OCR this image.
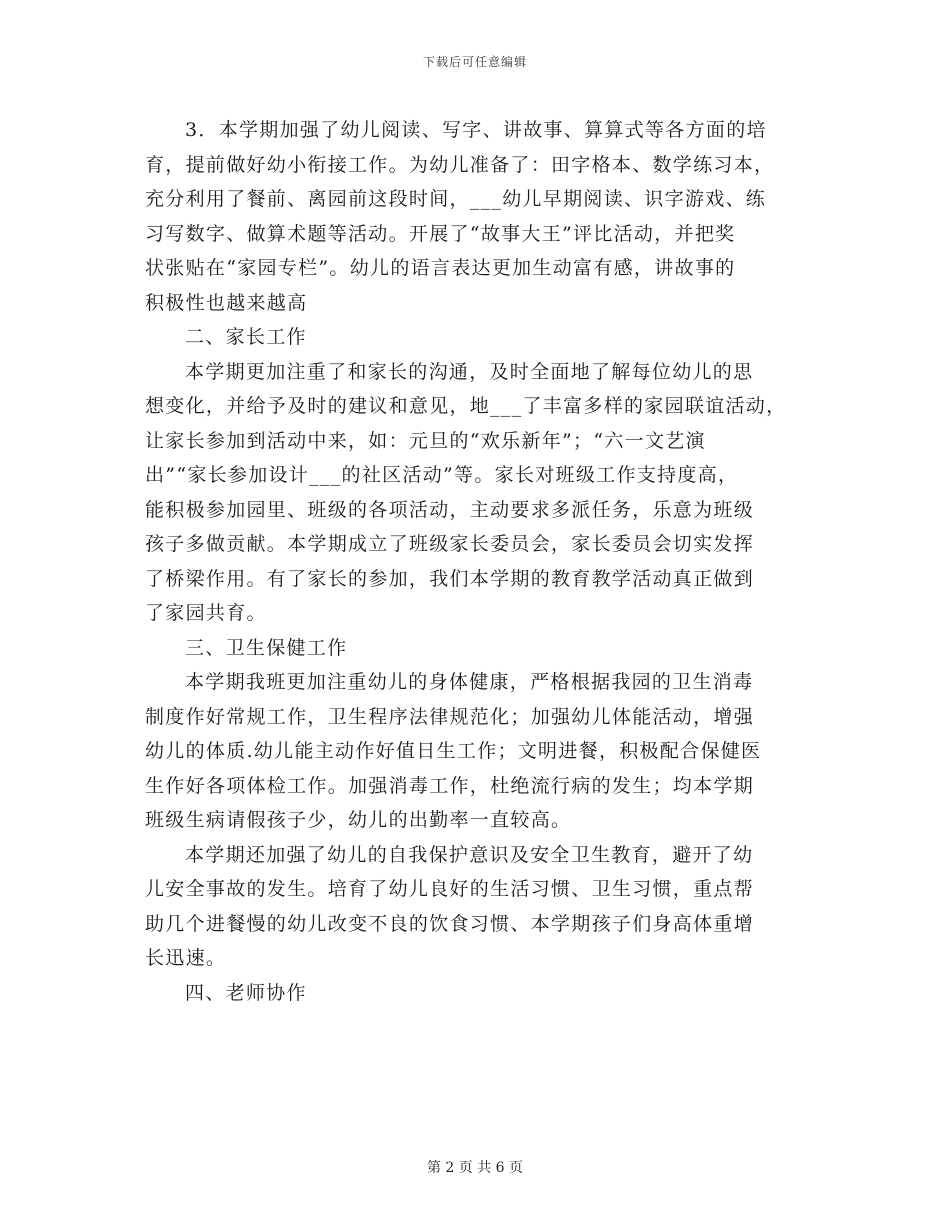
下载后可任意编辑
3．本学期加强了幼儿阅读、写字、讲故事、算算式等各方面的培
育，提前做好幼小衔接工作。为幼儿准备了：田字格本、数学练习本，
充分利用了餐前、离园前这段时间，___幼儿早期阅读、识字游戏、练
习写数字、做算术题等活动。开展了“故事大王”评比活动，并把奖
状张贴在“家园专栏”。幼儿的语言表达更加生动富有感，讲故事的
积极性也越来越高
二、家长工作
本学期更加注重了和家长的沟通，及时全面地了解每位幼儿的思
想变化，并给予及时的建议和意见，地___了丰富多样的家园联谊活动，
让家长参加到活动中来，如：元旦的“欢乐新年”；“六一文艺演
出”“家长参加设计___的社区活动”等。家长对班级工作支持度高，
能积极参加园里、班级的各项活动，主动要求多派任务，乐意为班级
孩子多做贡献。本学期成立了班级家长委员会，家长委员会切实发挥
了桥梁作用。有了家长的参加，我们本学期的教育教学活动真正做到
了家园共育。
三、卫生保健工作
本学期我班更加注重幼儿的身体健康，严格根据我园的卫生消毒
制度作好常规工作，卫生程序法律规范化；加强幼儿体能活动，增强
幼儿的体质.幼儿能主动作好值日生工作；文明进餐，积极配合保健医
生作好各项体检工作。加强消毒工作，杜绝流行病的发生；均本学期
班级生病请假孩子少，幼儿的出勤率一直较高。
本学期还加强了幼儿的自我保护意识及安全卫生教育，避开了幼
儿安全事故的发生。培育了幼儿良好的生活习惯、卫生习惯，重点帮
助几个进餐慢的幼儿改变不良的饮食习惯、本学期孩子们身高体重增
长迅速。
四、老师协作
第 2 页 共 6 页
